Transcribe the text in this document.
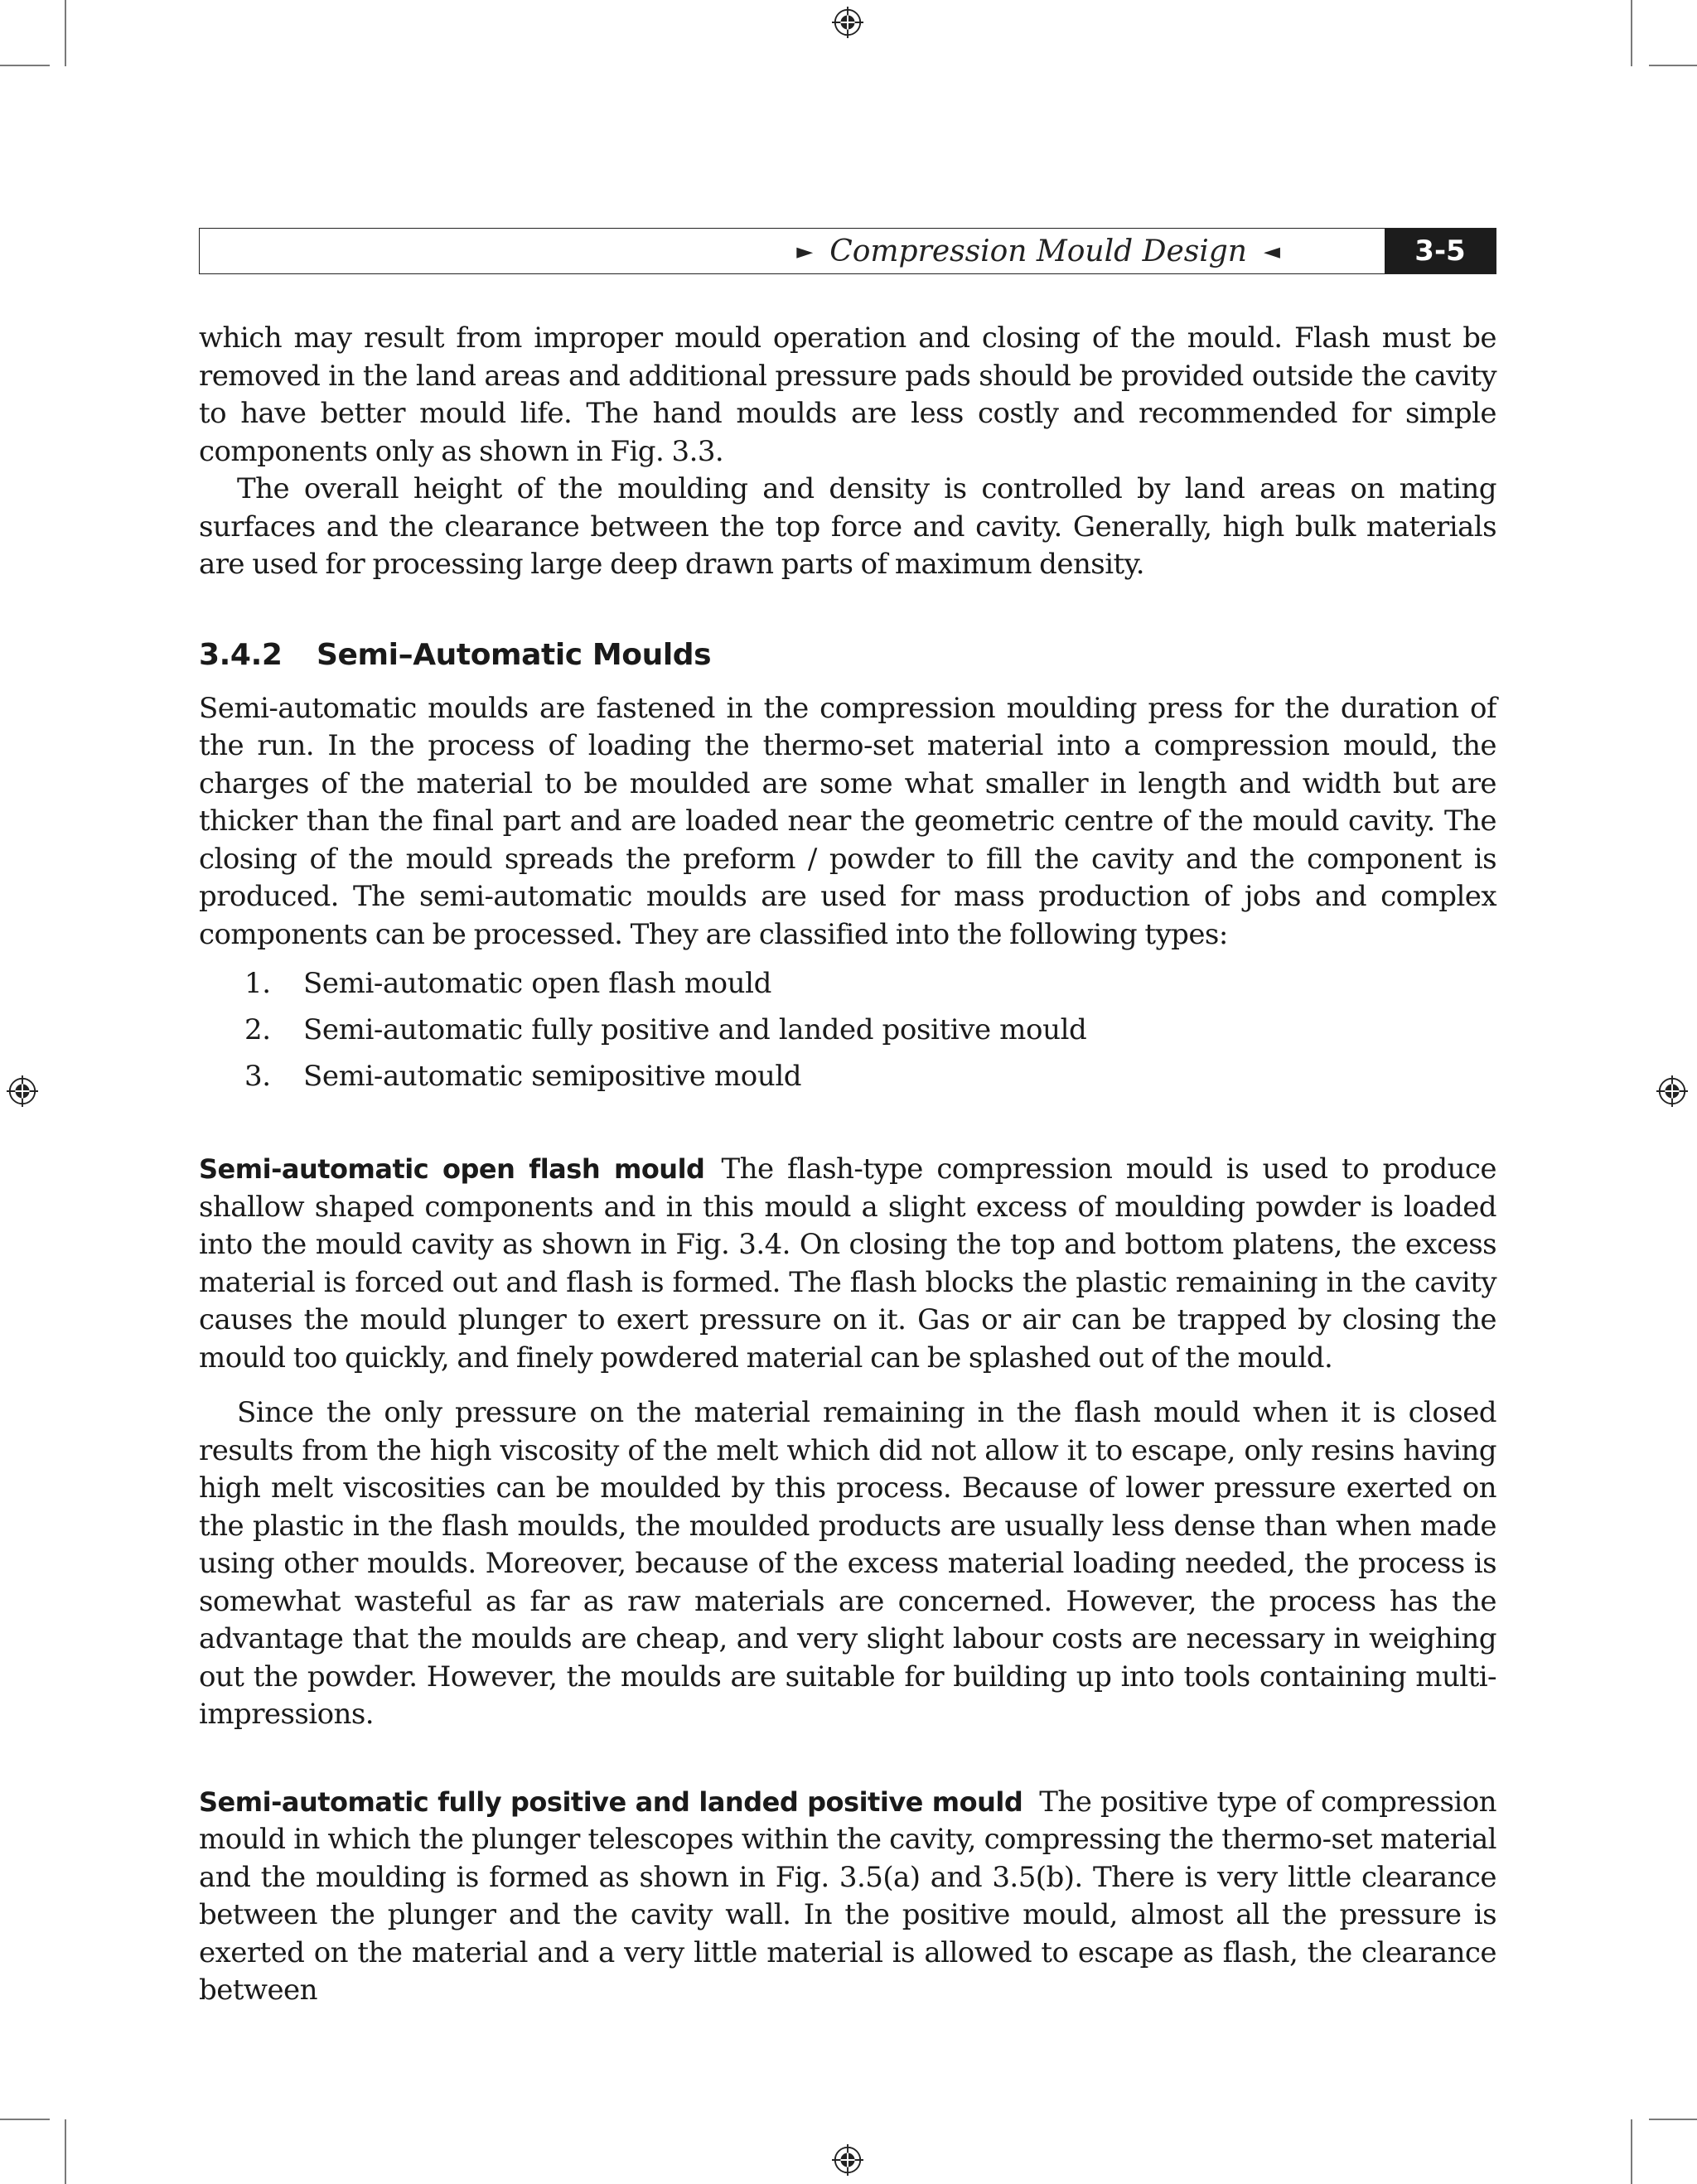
► Compression Mould Design ◄	3-5

which may result from improper mould operation and closing of the mould. Flash must be removed in the land areas and additional pressure pads should be provided outside the cavity to have better mould life. The hand moulds are less costly and recommended for simple components only as shown in Fig. 3.3.

The overall height of the moulding and density is controlled by land areas on mating surfaces and the clearance between the top force and cavity. Generally, high bulk materials are used for processing large deep drawn parts of maximum density.

3.4.2 Semi–Automatic Moulds

Semi-automatic moulds are fastened in the compression moulding press for the duration of the run. In the process of loading the thermo-set material into a compression mould, the charges of the material to be moulded are some what smaller in length and width but are thicker than the final part and are loaded near the geometric centre of the mould cavity. The closing of the mould spreads the preform / powder to fill the cavity and the component is produced. The semi-automatic moulds are used for mass production of jobs and complex components can be processed. They are classified into the following types:

1. Semi-automatic open flash mould
2. Semi-automatic fully positive and landed positive mould
3. Semi-automatic semipositive mould

Semi-automatic open flash mould The flash-type compression mould is used to produce shallow shaped components and in this mould a slight excess of moulding powder is loaded into the mould cavity as shown in Fig. 3.4. On closing the top and bottom platens, the excess material is forced out and flash is formed. The flash blocks the plastic remaining in the cavity causes the mould plunger to exert pressure on it. Gas or air can be trapped by closing the mould too quickly, and finely powdered material can be splashed out of the mould.

Since the only pressure on the material remaining in the flash mould when it is closed results from the high viscosity of the melt which did not allow it to escape, only resins having high melt viscosities can be moulded by this process. Because of lower pressure exerted on the plastic in the flash moulds, the moulded products are usually less dense than when made using other moulds. Moreover, because of the excess material loading needed, the process is somewhat wasteful as far as raw materials are concerned. However, the process has the advantage that the moulds are cheap, and very slight labour costs are necessary in weighing out the powder. However, the moulds are suitable for building up into tools containing multi-impressions.

Semi-automatic fully positive and landed positive mould The positive type of compression mould in which the plunger telescopes within the cavity, compressing the thermo-set material and the moulding is formed as shown in Fig. 3.5(a) and 3.5(b). There is very little clearance between the plunger and the cavity wall. In the positive mould, almost all the pressure is exerted on the material and a very little material is allowed to escape as flash, the clearance between
